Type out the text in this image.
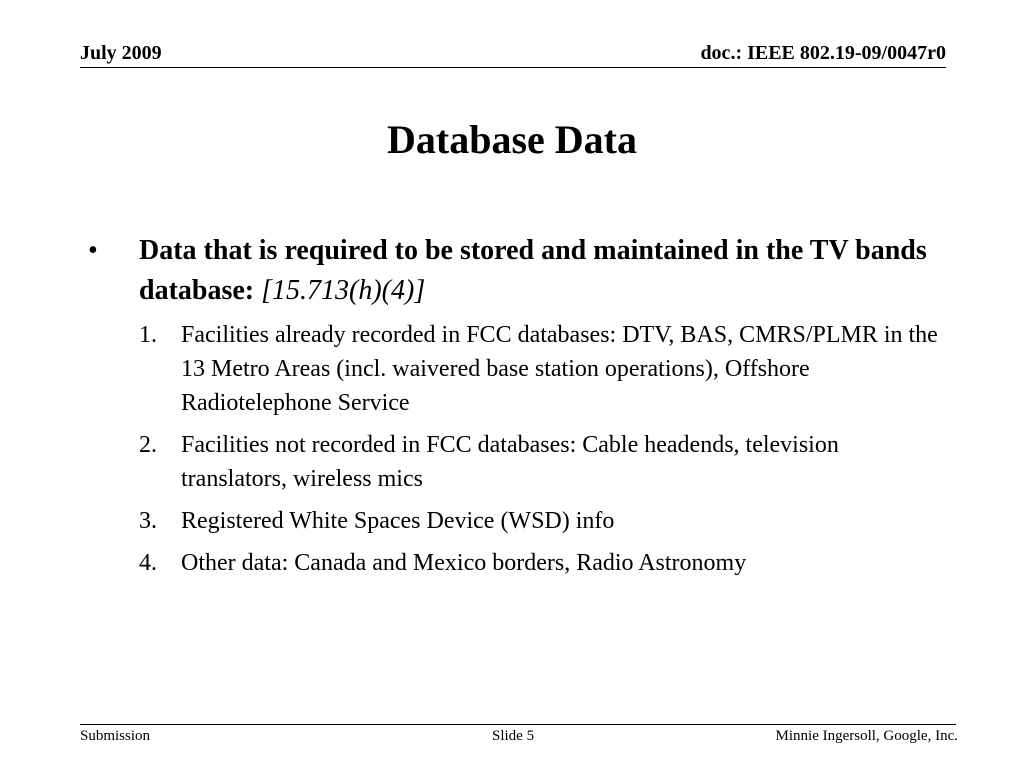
July 2009	doc.: IEEE 802.19-09/0047r0
Database Data
• Data that is required to be stored and maintained in the TV bands database: [15.713(h)(4)]
1. Facilities already recorded in FCC databases: DTV, BAS, CMRS/PLMR in the 13 Metro Areas (incl. waivered base station operations), Offshore Radiotelephone Service
2. Facilities not recorded in FCC databases: Cable headends, television translators, wireless mics
3. Registered White Spaces Device (WSD) info
4. Other data: Canada and Mexico borders, Radio Astronomy
Submission	Slide 5	Minnie Ingersoll, Google, Inc.
